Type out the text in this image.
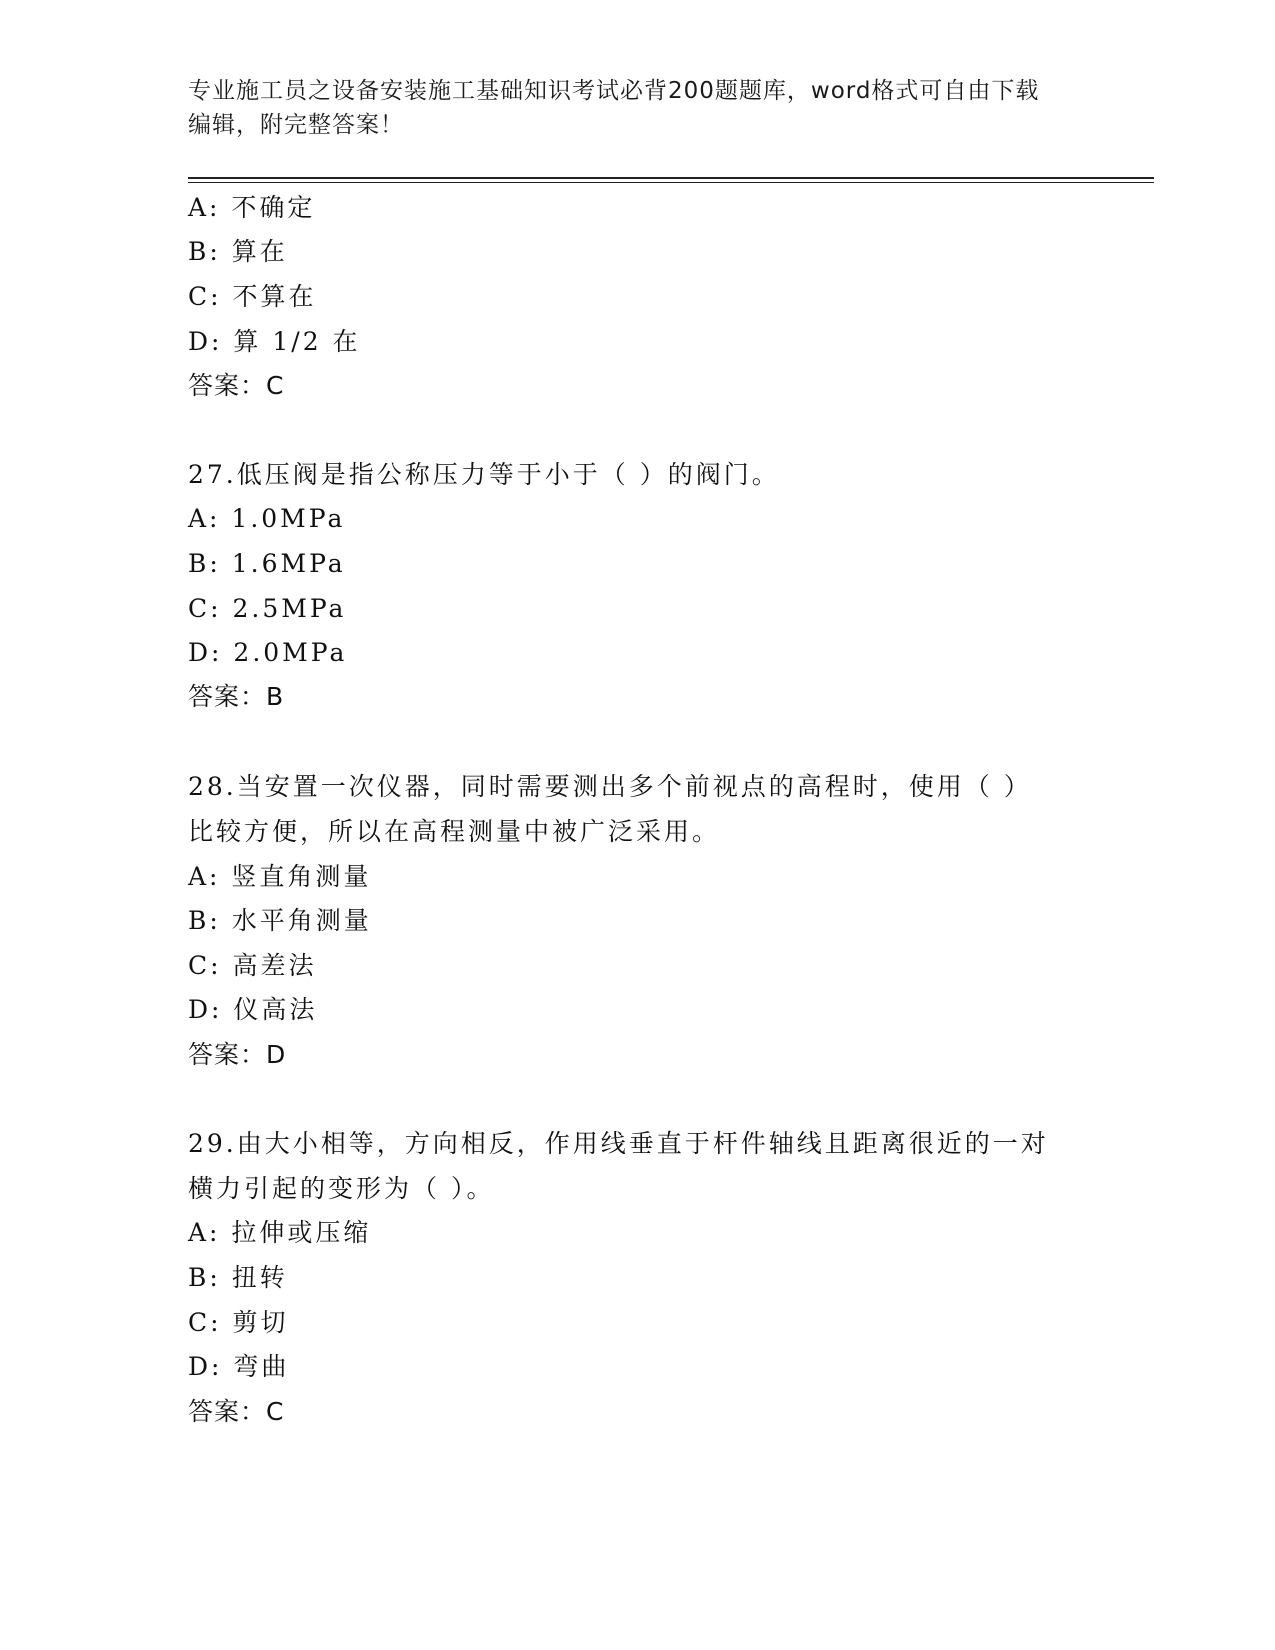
专业施工员之设备安装施工基础知识考试必背200题题库，word格式可自由下载
编辑，附完整答案！
A: 不确定
B: 算在
C: 不算在
D: 算 1/2 在
答案：C
27.低压阀是指公称压力等于小于（ ）的阀门。
A: 1.0MPa
B: 1.6MPa
C: 2.5MPa
D: 2.0MPa
答案：B
28.当安置一次仪器，同时需要测出多个前视点的高程时，使用（ ）
比较方便，所以在高程测量中被广泛采用。
A: 竖直角测量
B: 水平角测量
C: 高差法
D: 仪高法
答案：D
29.由大小相等，方向相反，作用线垂直于杆件轴线且距离很近的一对
横力引起的变形为（ ）。
A: 拉伸或压缩
B: 扭转
C: 剪切
D: 弯曲
答案：C
